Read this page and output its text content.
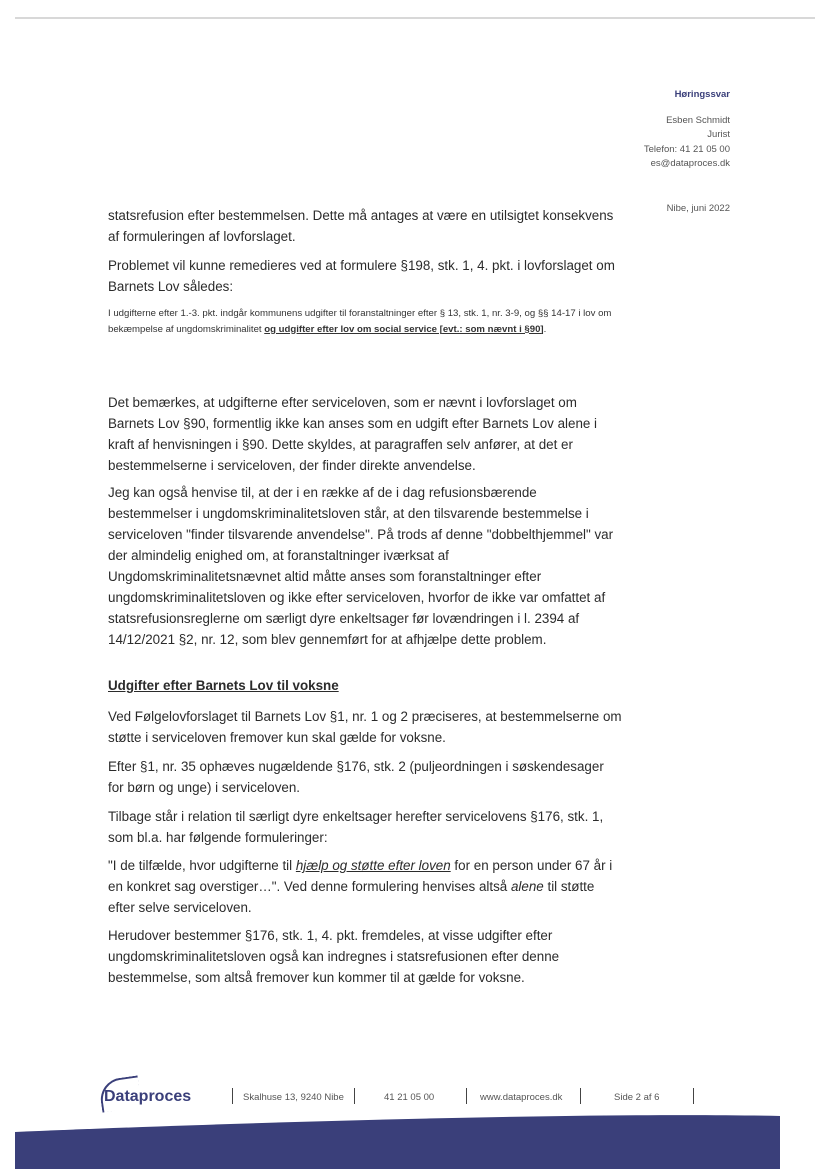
Høringssvar
Esben Schmidt
Jurist
Telefon: 41 21 05 00
es@dataproces.dk
Nibe, juni 2022

statsrefusion efter bestemmelsen. Dette må antages at være en utilsigtet konsekvens af formuleringen af lovforslaget.

Problemet vil kunne remedieres ved at formulere §198, stk. 1, 4. pkt. i lovforslaget om Barnets Lov således:

I udgifterne efter 1.-3. pkt. indgår kommunens udgifter til foranstaltninger efter § 13, stk. 1, nr. 3-9, og §§ 14-17 i lov om bekæmpelse af ungdomskriminalitet og udgifter efter lov om social service [evt.: som nævnt i §90].

Det bemærkes, at udgifterne efter serviceloven, som er nævnt i lovforslaget om Barnets Lov §90, formentlig ikke kan anses som en udgift efter Barnets Lov alene i kraft af henvisningen i §90. Dette skyldes, at paragraffen selv anfører, at det er bestemmelserne i serviceloven, der finder direkte anvendelse.

Jeg kan også henvise til, at der i en række af de i dag refusionsbærende bestemmelser i ungdomskriminalitetsloven står, at den tilsvarende bestemmelse i serviceloven "finder tilsvarende anvendelse". På trods af denne "dobbelthjemmel" var der almindelig enighed om, at foranstaltninger iværksat af Ungdomskriminalitetsnævnet altid måtte anses som foranstaltninger efter ungdomskriminalitetsloven og ikke efter serviceloven, hvorfor de ikke var omfattet af statsrefusionsreglerne om særligt dyre enkeltsager før lovændringen i l. 2394 af 14/12/2021 §2, nr. 12, som blev gennemført for at afhjælpe dette problem.

Udgifter efter Barnets Lov til voksne

Ved Følgelovforslaget til Barnets Lov §1, nr. 1 og 2 præciseres, at bestemmelserne om støtte i serviceloven fremover kun skal gælde for voksne.

Efter §1, nr. 35 ophæves nugældende §176, stk. 2 (puljeordningen i søskendesager for børn og unge) i serviceloven.

Tilbage står i relation til særligt dyre enkeltsager herefter servicelovens §176, stk. 1, som bl.a. har følgende formuleringer:

"I de tilfælde, hvor udgifterne til hjælp og støtte efter loven for en person under 67 år i en konkret sag overstiger…". Ved denne formulering henvises altså alene til støtte efter selve serviceloven.

Herudover bestemmer §176, stk. 1, 4. pkt. fremdeles, at visse udgifter efter ungdomskriminalitetsloven også kan indregnes i statsrefusionen efter denne bestemmelse, som altså fremover kun kommer til at gælde for voksne.

Dataproces	Skalhuse 13, 9240 Nibe	41 21 05 00	www.dataproces.dk	Side 2 af 6
